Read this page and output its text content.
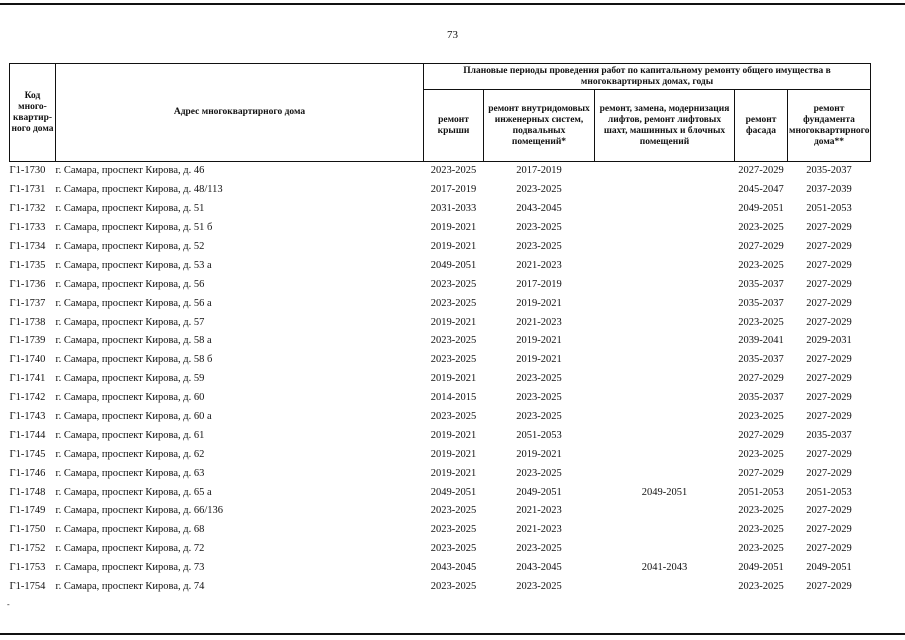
73
Код много-квартир-ного дома	Адрес многоквартирного дома	Плановые периоды проведения работ по капитальному ремонту общего имущества в многоквартирных домах, годы				
		ремонт крыши	ремонт внутридомовых инженерных систем, подвальных помещений*	ремонт, замена, модернизация лифтов, ремонт лифтовых шахт, машинных и блочных помещений	ремонт фасада	ремонт фундамента многоквартирного дома**
Г1-1730	г. Самара, проспект Кирова, д. 46	2023-2025	2017-2019		2027-2029	2035-2037
Г1-1731	г. Самара, проспект Кирова, д. 48/113	2017-2019	2023-2025		2045-2047	2037-2039
Г1-1732	г. Самара, проспект Кирова, д. 51	2031-2033	2043-2045		2049-2051	2051-2053
Г1-1733	г. Самара, проспект Кирова, д. 51 б	2019-2021	2023-2025		2023-2025	2027-2029
Г1-1734	г. Самара, проспект Кирова, д. 52	2019-2021	2023-2025		2027-2029	2027-2029
Г1-1735	г. Самара, проспект Кирова, д. 53 а	2049-2051	2021-2023		2023-2025	2027-2029
Г1-1736	г. Самара, проспект Кирова, д. 56	2023-2025	2017-2019		2035-2037	2027-2029
Г1-1737	г. Самара, проспект Кирова, д. 56 а	2023-2025	2019-2021		2035-2037	2027-2029
Г1-1738	г. Самара, проспект Кирова, д. 57	2019-2021	2021-2023		2023-2025	2027-2029
Г1-1739	г. Самара, проспект Кирова, д. 58 а	2023-2025	2019-2021		2039-2041	2029-2031
Г1-1740	г. Самара, проспект Кирова, д. 58 б	2023-2025	2019-2021		2035-2037	2027-2029
Г1-1741	г. Самара, проспект Кирова, д. 59	2019-2021	2023-2025		2027-2029	2027-2029
Г1-1742	г. Самара, проспект Кирова, д. 60	2014-2015	2023-2025		2035-2037	2027-2029
Г1-1743	г. Самара, проспект Кирова, д. 60 а	2023-2025	2023-2025		2023-2025	2027-2029
Г1-1744	г. Самара, проспект Кирова, д. 61	2019-2021	2051-2053		2027-2029	2035-2037
Г1-1745	г. Самара, проспект Кирова, д. 62	2019-2021	2019-2021		2023-2025	2027-2029
Г1-1746	г. Самара, проспект Кирова, д. 63	2019-2021	2023-2025		2027-2029	2027-2029
Г1-1748	г. Самара, проспект Кирова, д. 65 а	2049-2051	2049-2051	2049-2051	2051-2053	2051-2053
Г1-1749	г. Самара, проспект Кирова, д. 66/136	2023-2025	2021-2023		2023-2025	2027-2029
Г1-1750	г. Самара, проспект Кирова, д. 68	2023-2025	2021-2023		2023-2025	2027-2029
Г1-1752	г. Самара, проспект Кирова, д. 72	2023-2025	2023-2025		2023-2025	2027-2029
Г1-1753	г. Самара, проспект Кирова, д. 73	2043-2045	2043-2045	2041-2043	2049-2051	2049-2051
Г1-1754	г. Самара, проспект Кирова, д. 74	2023-2025	2023-2025		2023-2025	2027-2029
-
